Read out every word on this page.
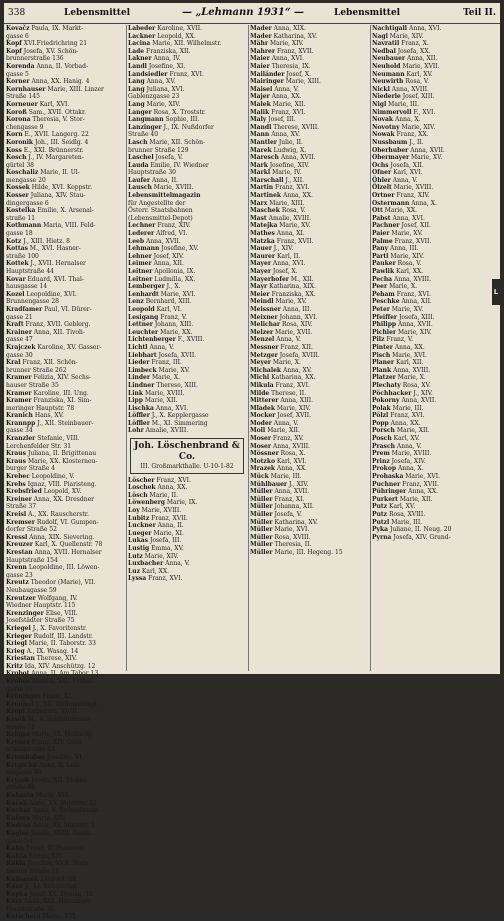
338	Lebensmittel	— „Lehmann 1931“ —	Lebensmittel	Teil II.
Kovačz Paula, IX. Markt-
gasse 6
Kopf XVI.Friedrichring 21
Kopf Josefa, XV. Schön-
brunnerstraße 136
Korenda Anna, II. Vorbad-
gasse 5
Korner Anna, XX. Hanig. 4
Kornhauser Marie, XIII. Linzer
Straße 145
Korneuer Karl, XVI.
Koroß Sam., XVII. Ottakr.
Korona Theresia, V. Stor-
chengasse 9
Korn E., XVII. Langerg. 22
Koronik Joh., III. Seidlg. 4
Koss E., XXI. Brünnerstr.
Kosch J., IV. Margareten-
gürtel 38
Koschaliz Marie, II. Ul-
mengasse 20
Kossek Hilde, XVI. Koppstr.
Kosser Juliana, XIV. Stau-
dingergasse 6
Kostelka Emilie, X. Arsenal-
straße 11
Kothmann Maria, VIII. Feld-
gasse 18
Kotz J., XIII. Hietz. 8
Kottas M., XVI. Hasner-
straße 100
Kottek J., XVII. Hernalser
Hauptstraße 44
Kovar Eduard, XVI. Thal-
hausgasse 14
Kozel Leopoldine, XVI.
Brunnengasse 28
Kradfamer Paul, VI. Dürer-
gasse 21
Kraft Franz, XVII. Geblerg.
Krainer Anna, XII. Tivoli-
gasse 47
Krajczek Karoline, XV. Gasser-
gasse 30
Kral Franz, XII. Schön-
brunner Straße 262
Kramer Felizia, XIV. Sechs-
hauser Straße 35
Kramer Karoline, III. Ung.
Kramer Franziska, XI. Sim-
meringer Hauptstr. 78
Kranich Hans, XV.
Krannpp J., XII. Steinbauer-
gasse 34
Kranzler Stefanie, VIII.
Lerchenfelder Str. 31
Kraus Juliana, II. Brigittenau
Kraus Marie, XX. Klosterneu-
burger Straße 4
Krebec Leopoldine, V.
Krebs Ignaz, VIII. Piaristeng.
Krebsfried Leopold, XV.
Kreiner Anna, XX. Dresdner
Straße 37
Kreisl A., XX. Rauscherstr.
Kremser Rudolf, VI. Gumpen-
dorfer Straße 52
Kressl Anna, XIX. Sievering.
Kreuzer Karl, X. Quellenstr. 78
Krestan Anna, XVII. Hernalser
Hauptstraße 154
Krenn Leopoldine, III. Löwen-
gasse 23
Kreutz Theodor (Marie), VII.
Neubaugasse 59
Kreutzer Wolfgang, IV.
Wiedner Hauptstr. 115
Krenzinger Elise, VIII.
Josefstädter Straße 75
Kriegel J., X. Favoritenstr.
Krieger Rudolf, III. Landstr.
Kriegl Marie, II. Taborstr. 33
Krieg A., IX. Wasag. 14
Kriestan Therese, XIV.
Kritz Ida, XIV. Anschützg. 12
Krobot Anna, II. Am Tabor 13
Krobov Aurelia, XVI. Fröbel-
gasse 35
Kröninger Franz, XI.
Kronhof J., XX. Wallensteinpl.
Kropf Katharina, XVIII.
Krsek M., V. Schönbrunner-
straße 71
Krüger Marie, VI. Mollardg.
Kruker Franz, XIV. Gold-
schlagstraße 43
Krumhuber Josefine, VI.
Krupicka Anna, X. Leib-
nizgasse 40
Krysek Josefa, XII. Eichen-
straße 48
Kubasta Marie, XVI.
Kuček Anna, XX. Jägerstr. 32
Kuchar Anna, V. Siebenbrunn.
Kučera Marie, XIV.
Kudrna Anna, XV. Märzstr. 1
Kugler Josefa, XVIII. Gentz-
gasse 54
Kuhn Franz, II. Praterstr.
Kuhta Emma, XIV.
Kukla Josefine, XVII. Dorn-
bacher Straße 11
Kulhanek Leopold, III.
Kunz J., XI. Simmering
Kupka Josef, XX. Denisg. 15
Kurz Anna, XIII. Hietzinger
Hauptstraße 30
Kutschera Marie, XVI.
Labeder Karoline, XVII.
Lackner Leopold, XX.
Lacina Marie, XII. Wilhelmstr.
Lade Franziska, XII.
Lakner Anna, IV.
Landl Josefine, XI.
Landsiedler Franz, XVI.
Lang Anna, XV.
Lang Juliana, XVI.
Gablenzgasse 23
Lang Marie, XIV.
Langer Rosa, X. Troststr.
Langmann Sophie, III.
Lanzinger J., IX. Nußdorfer
Straße 40
Lasch Marie, XII. Schön-
brunner Straße 129
Laschel Josefa, V.
Lauda Emilie, IV. Wiedner
Hauptstraße 30
Laufer Anna, II.
Lausch Marie, XVIII.
Lebensmittelmagazin
für Angestellte der
Österr. Staatsbahnen
(Lebensmittel-Depot)
Lechner Franz, XIV.
Lederer Alfred, VI.
Leeb Anna, XVII.
Lehmann Josefine, XV.
Lehner Josef, XIV.
Leimer Anna, XII.
Leitner Apollonia, IX.
Leitner Ludmilla, XX.
Lemberger J., X.
Lenhardt Marie, XVI.
Lenz Bernhard, XIII.
Leopold Karl, VI.
Lesigang Franz, V.
Lettner Johann, XIII.
Leuchter Marie, XX.
Lichtenberger F., XVIII.
Lichtl Anna, V.
Liebhart Josefa, XVII.
Lieder Franz, III.
Limbeck Marie, XV.
Linder Marie, X.
Lindner Therese, XIII.
Link Marie, XVIII.
Lipp Marie, XII.
Lischka Anna, XVI.
Löffler J., X. Kepplergasse
Löffler M., XI. Simmering
Lohr Amalie, XVIII.
Joh. Löschenbrand & Co.
III. Großmarkthalle. U-10-1-82
Löscher Franz, XVI.
Loschek Anna, XX.
Lösch Marie, II.
Löwenberg Marie, IX.
Loy Marie, XVIII.
Lubitz Franz, XVII.
Luckner Anna, II.
Lueger Marie, XI.
Lukas Josefa, III.
Lustig Emma, XV.
Lutz Marie, XIV.
Luxbacher Anna, V.
Luz Karl, XX.
Lyssa Franz, XVI.
Mader Anna, XIX.
Mader Katharina, XV.
Mähr Marie, XIV.
Mahrer Franz, XVII.
Maier Anna, XVI.
Maier Theresia, IX.
Mailänder Josef, X.
Mairinger Marie, XIII.
Maisel Anna, V.
Majer Anna, XX.
Malek Marie, XII.
Malik Franz, XVI.
Maly Josef, III.
Mandl Therese, XVIII.
Mann Anna, XV.
Mantler Julie, II.
Marek Ludwig, X.
Maresch Anna, XVII.
Mark Josefine, XIV.
Markl Marie, IV.
Marschall J., XII.
Martin Franz, XVI.
Martinek Anna, XX.
Marx Marie, XIII.
Maschek Rosa, V.
Mast Amalie, XVIII.
Matejka Marie, XV.
Mathes Anna, XI.
Matzka Franz, XVII.
Mauer J., XIV.
Maurer Karl, II.
Mayer Anna, XVI.
Mayer Josef, X.
Mayerhofer M., XII.
Mayr Katharina, XIX.
Meier Franziska, XX.
Meindl Marie, XV.
Meissner Anna, III.
Meixner Johann, XVI.
Melichar Rosa, XIV.
Melzer Marie, XVII.
Menzel Anna, V.
Messner Franz, XII.
Metzger Josefa, XVIII.
Meyer Marie, X.
Michalek Anna, XV.
Michl Katharina, XX.
Mikula Franz, XVI.
Milde Therese, II.
Mitterer Anna, XIII.
Mladek Marie, XIV.
Mocker Josef, XVII.
Moder Anna, V.
Moll Marie, XII.
Moser Franz, XV.
Moser Anna, XVIII.
Mössner Rosa, X.
Motzko Karl, XVI.
Mrazek Anna, XX.
Mück Marie, III.
Mühlbauer J., XIV.
Müller Anna, XVII.
Müller Franz, XI.
Müller Johanna, XII.
Müller Josefa, V.
Müller Katharina, XV.
Müller Marie, XVI.
Müller Rosa, XVIII.
Müller Theresia, II.
Müller Marie, III. Hegeng. 15
Nachtigall Anna, XVI.
Nagl Marie, XIV.
Navratil Franz, X.
Nedbal Josefa, XX.
Neubauer Anna, XII.
Neuhold Marie, XVII.
Neumann Karl, XV.
Neuwirth Rosa, V.
Nickl Anna, XVIII.
Niederle Josef, XIII.
Nigl Marie, III.
Nimmervoll F., XVI.
Novak Anna, X.
Novotny Marie, XIV.
Nowak Franz, XX.
Nussbaum J., II.
Oberhuber Anna, XVII.
Obermayer Marie, XV.
Ochs Josefa, XII.
Ofner Karl, XVI.
Öhler Anna, V.
Ölzelt Marie, XVIII.
Ortner Franz, XIV.
Ostermann Anna, X.
Ott Marie, XX.
Pabst Anna, XVI.
Pachner Josef, XII.
Paier Marie, XV.
Palme Franz, XVII.
Pany Anna, III.
Partl Marie, XIV.
Pauker Rosa, V.
Pawlik Karl, XX.
Pecha Anna, XVIII.
Peer Marie, X.
Peham Franz, XVI.
Peschke Anna, XII.
Peter Marie, XV.
Pfeiffer Josefa, XIII.
Philipp Anna, XVII.
Pichler Marie, XIV.
Pilz Franz, V.
Pinter Anna, XX.
Pisch Marie, XVI.
Planer Karl, XII.
Plank Anna, XVIII.
Platzer Marie, X.
Plechaty Rosa, XV.
Pöchhacker J., XIV.
Pokorny Anna, XVII.
Polak Marie, III.
Pölzl Franz, XVI.
Popp Anna, XX.
Porsch Marie, XII.
Posch Karl, XV.
Prasch Anna, V.
Prem Marie, XVIII.
Prinz Josefa, XIV.
Prokop Anna, X.
Prohaska Marie, XVI.
Puchner Franz, XVII.
Pühringer Anna, XX.
Purkert Marie, XII.
Putz Karl, XV.
Putz Rosa, XVIII.
Putzl Marie, III.
Pyka Juliane, II. Neug. 20
Pyrna Josefa, XIV. Grund-
L
